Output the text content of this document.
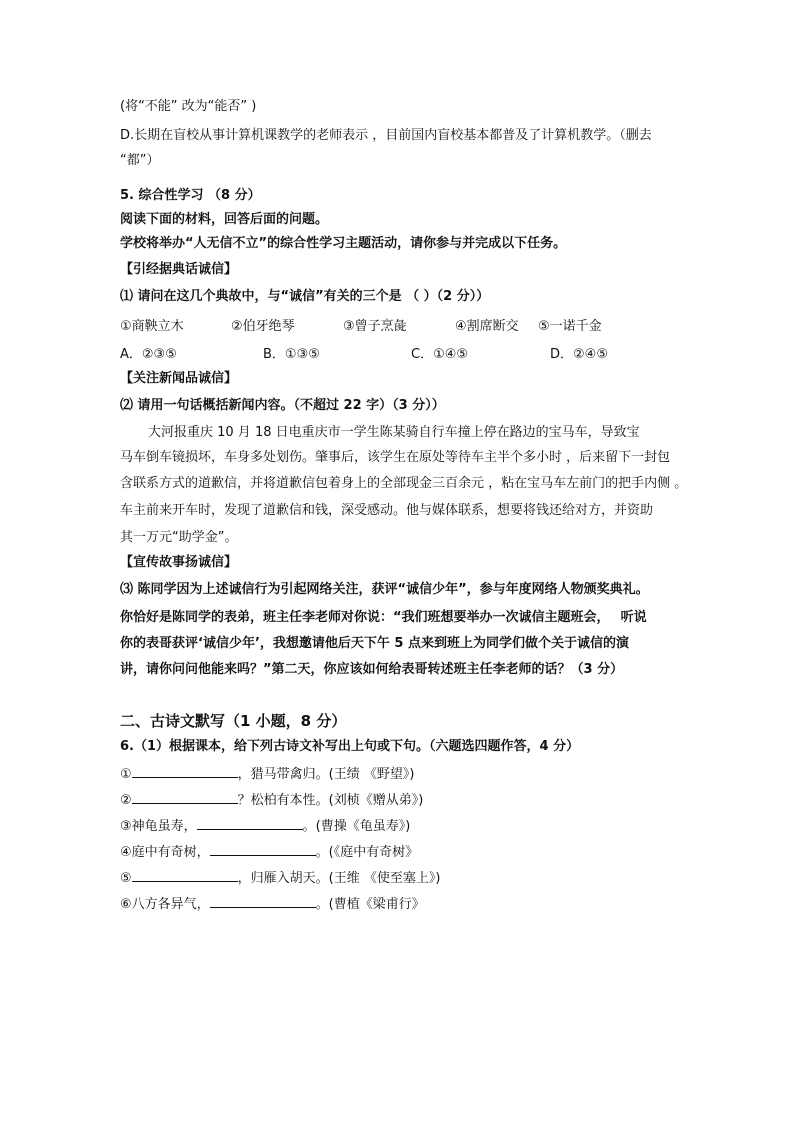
(将“不能” 改为“能否” )
D.长期在盲校从事计算机课教学的老师表示 ，目前国内盲校基本都普及了计算机教学。（删去
“都”）
5. 综合性学习 （8 分）
阅读下面的材料，回答后面的问题。
学校将举办“人无信不立”的综合性学习主题活动，请你参与并完成以下任务。
【引经据典话诚信】
⑴ 请问在这几个典故中，与“诚信”有关的三个是 （ ）（2 分））
①商鞅立木	②伯牙绝琴	③曾子烹彘	④割席断交 ⑤一诺千金
A．②③⑤	B．①③⑤	C．①④⑤	D．②④⑤
【关注新闻品诚信】
⑵ 请用一句话概括新闻内容。（不超过 22 字）（3 分））
大河报重庆 10 月 18 日电重庆市一学生陈某骑自行车撞上停在路边的宝马车，导致宝
马车倒车镜损坏，车身多处划伤。肇事后，该学生在原处等待车主半个多小时 ，后来留下一封包
含联系方式的道歉信，并将道歉信包着身上的全部现金三百余元 ，粘在宝马车左前门的把手内侧 。
车主前来开车时，发现了道歉信和钱，深受感动。他与媒体联系，想要将钱还给对方，并资助
其一万元“助学金”。
【宣传故事扬诚信】
⑶ 陈同学因为上述诚信行为引起网络关注，获评“诚信少年”，参与年度网络人物颁奖典礼。
你恰好是陈同学的表弟，班主任李老师对你说：“我们班想要举办一次诚信主题班会，　 听说
你的表哥获评‘诚信少年’，我想邀请他后天下午 5 点来到班上为同学们做个关于诚信的演
讲，请你问问他能来吗？”第二天，你应该如何给表哥转述班主任李老师的话？（3 分）
二、古诗文默写（1 小题，8 分）
6.（1）根据课本，给下列古诗文补写出上句或下句。（六题选四题作答，4 分）
①	，猎马带禽归。(王绩 《野望》)
②	？松柏有本性。(刘桢《赠从弟》)
③神龟虽寿，	。(曹操《龟虽寿》)
④庭中有奇树，	。(《庭中有奇树》
⑤	，归雁入胡天。(王维 《使至塞上》)
⑥八方各异气，	。(曹植《梁甫行》
